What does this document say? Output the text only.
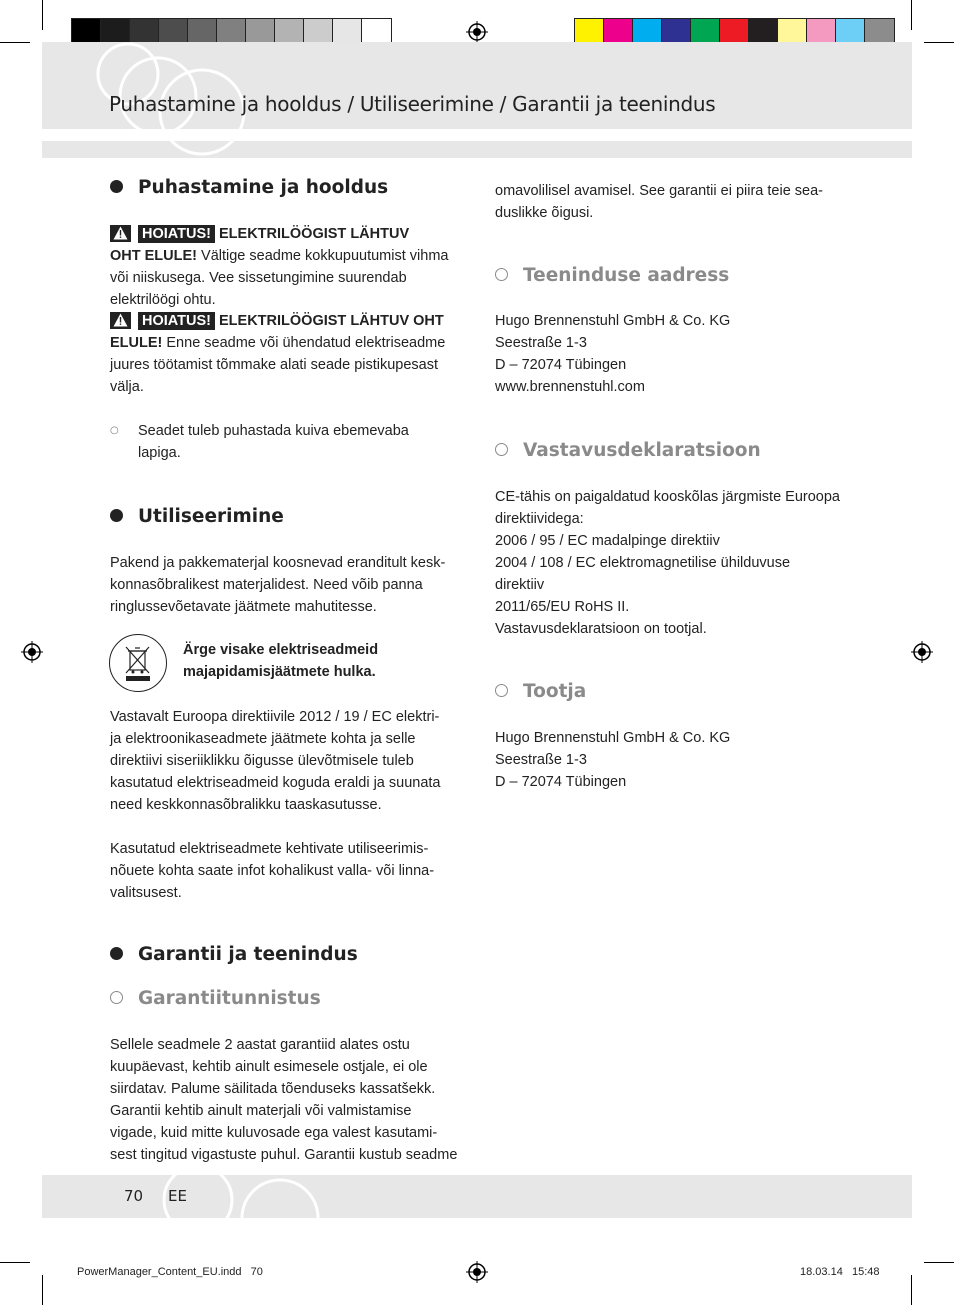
Puhastamine ja hooldus / Utiliseerimine / Garantii ja teenindus
Puhastamine ja hooldus
HOIATUS! ELEKTRILÖÖGIST LÄHTUV
OHT ELULE! Vältige seadme kokkupuutumist vihma
või niiskusega. Vee sissetungimine suurendab
elektrilöögi ohtu.
HOIATUS! ELEKTRILÖÖGIST LÄHTUV OHT
ELULE! Enne seadme või ühendatud elektriseadme
juures töötamist tõmmake alati seade pistikupesast
välja.
○ Seadet tuleb puhastada kuiva ebemevaba
lapiga.
Utiliseerimine
Pakend ja pakkematerjal koosnevad eranditult kesk-
konnasõbralikest materjalidest. Need võib panna
ringlussevõetavate jäätmete mahutitesse.
Ärge visake elektriseadmeid
majapidamisjäätmete hulka.
Vastavalt Euroopa direktiivile 2012 / 19 / EC elektri-
ja elektroonikaseadmete jäätmete kohta ja selle
direktiivi siseriiklikku õigusse ülevõtmisele tuleb
kasutatud elektriseadmeid koguda eraldi ja suunata
need keskkonnasõbralikku taaskasutusse.
Kasutatud elektriseadmete kehtivate utiliseerimis-
nõuete kohta saate infot kohalikust valla- või linna-
valitsusest.
Garantii ja teenindus
Garantiitunnistus
Sellele seadmele 2 aastat garantiid alates ostu
kuupäevast, kehtib ainult esimesele ostjale, ei ole
siirdatav. Palume säilitada tõenduseks kassatšekk.
Garantii kehtib ainult materjali või valmistamise
vigade, kuid mitte kuluvosade ega valest kasutami-
sest tingitud vigastuste puhul. Garantii kustub seadme
omavolilisel avamisel. See garantii ei piira teie sea-
duslikke õigusi.
Teeninduse aadress
Hugo Brennenstuhl GmbH & Co. KG
Seestraße 1-3
D – 72074 Tübingen
www.brennenstuhl.com
Vastavusdeklaratsioon
CE-tähis on paigaldatud kooskõlas järgmiste Euroopa
direktiividega:
2006 / 95 / EC madalpinge direktiiv
2004 / 108 / EC elektromagnetilise ühilduvuse
direktiiv
2011/65/EU RoHS II.
Vastavusdeklaratsioon on tootjal.
Tootja
Hugo Brennenstuhl GmbH & Co. KG
Seestraße 1-3
D – 72074 Tübingen
70 EE
PowerManager_Content_EU.indd   70	18.03.14   15:48
